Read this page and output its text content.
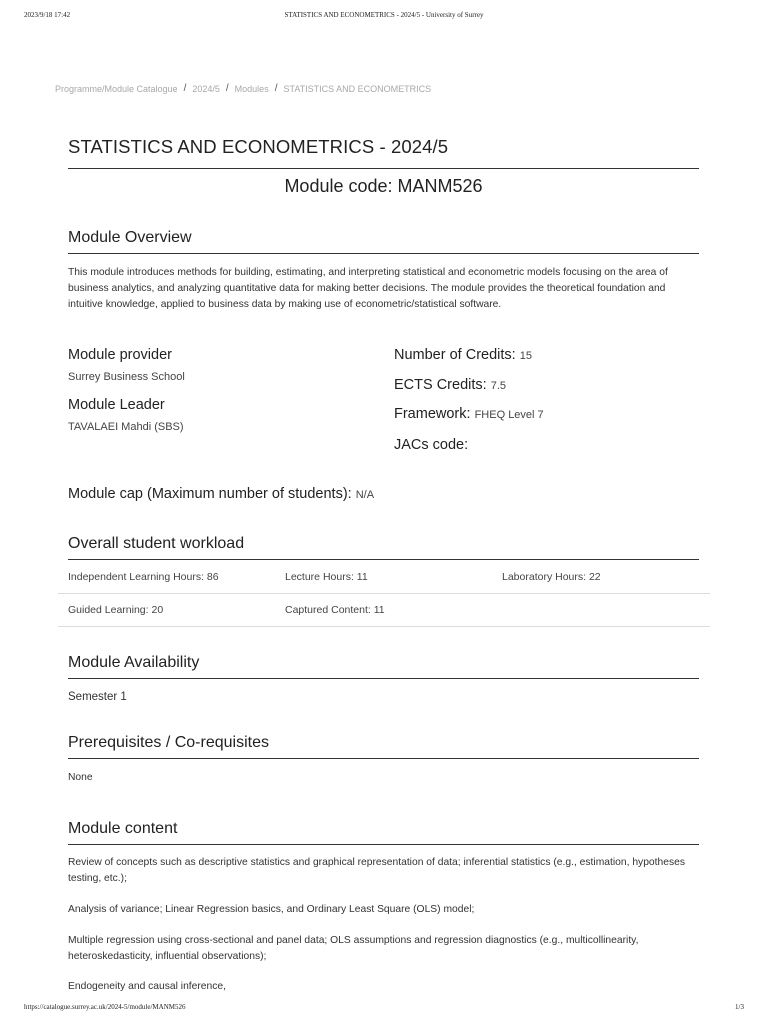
2023/9/18 17:42	STATISTICS AND ECONOMETRICS - 2024/5 - University of Surrey
Programme/Module Catalogue / 2024/5 / Modules / STATISTICS AND ECONOMETRICS
STATISTICS AND ECONOMETRICS - 2024/5
Module code: MANM526
Module Overview

This module introduces methods for building, estimating, and interpreting statistical and econometric models focusing on the area of business analytics, and analyzing quantitative data for making better decisions. The module provides the theoretical foundation and intuitive knowledge, applied to business data by making use of econometric/statistical software.

Module provider
Surrey Business School
Module Leader
TAVALAEI Mahdi (SBS)
Number of Credits: 15
ECTS Credits: 7.5
Framework: FHEQ Level 7
JACs code:
Module cap (Maximum number of students): N/A
Overall student workload
Independent Learning Hours: 86	Lecture Hours: 11	Laboratory Hours: 22
Guided Learning: 20	Captured Content: 11
Module Availability
Semester 1
Prerequisites / Co-requisites
None
Module content

Review of concepts such as descriptive statistics and graphical representation of data; inferential statistics (e.g., estimation, hypotheses testing, etc.);

Analysis of variance; Linear Regression basics, and Ordinary Least Square (OLS) model;

Multiple regression using cross-sectional and panel data; OLS assumptions and regression diagnostics (e.g., multicollinearity, heteroskedasticity, influential observations);

Endogeneity and causal inference,

https://catalogue.surrey.ac.uk/2024-5/module/MANM526	1/3
